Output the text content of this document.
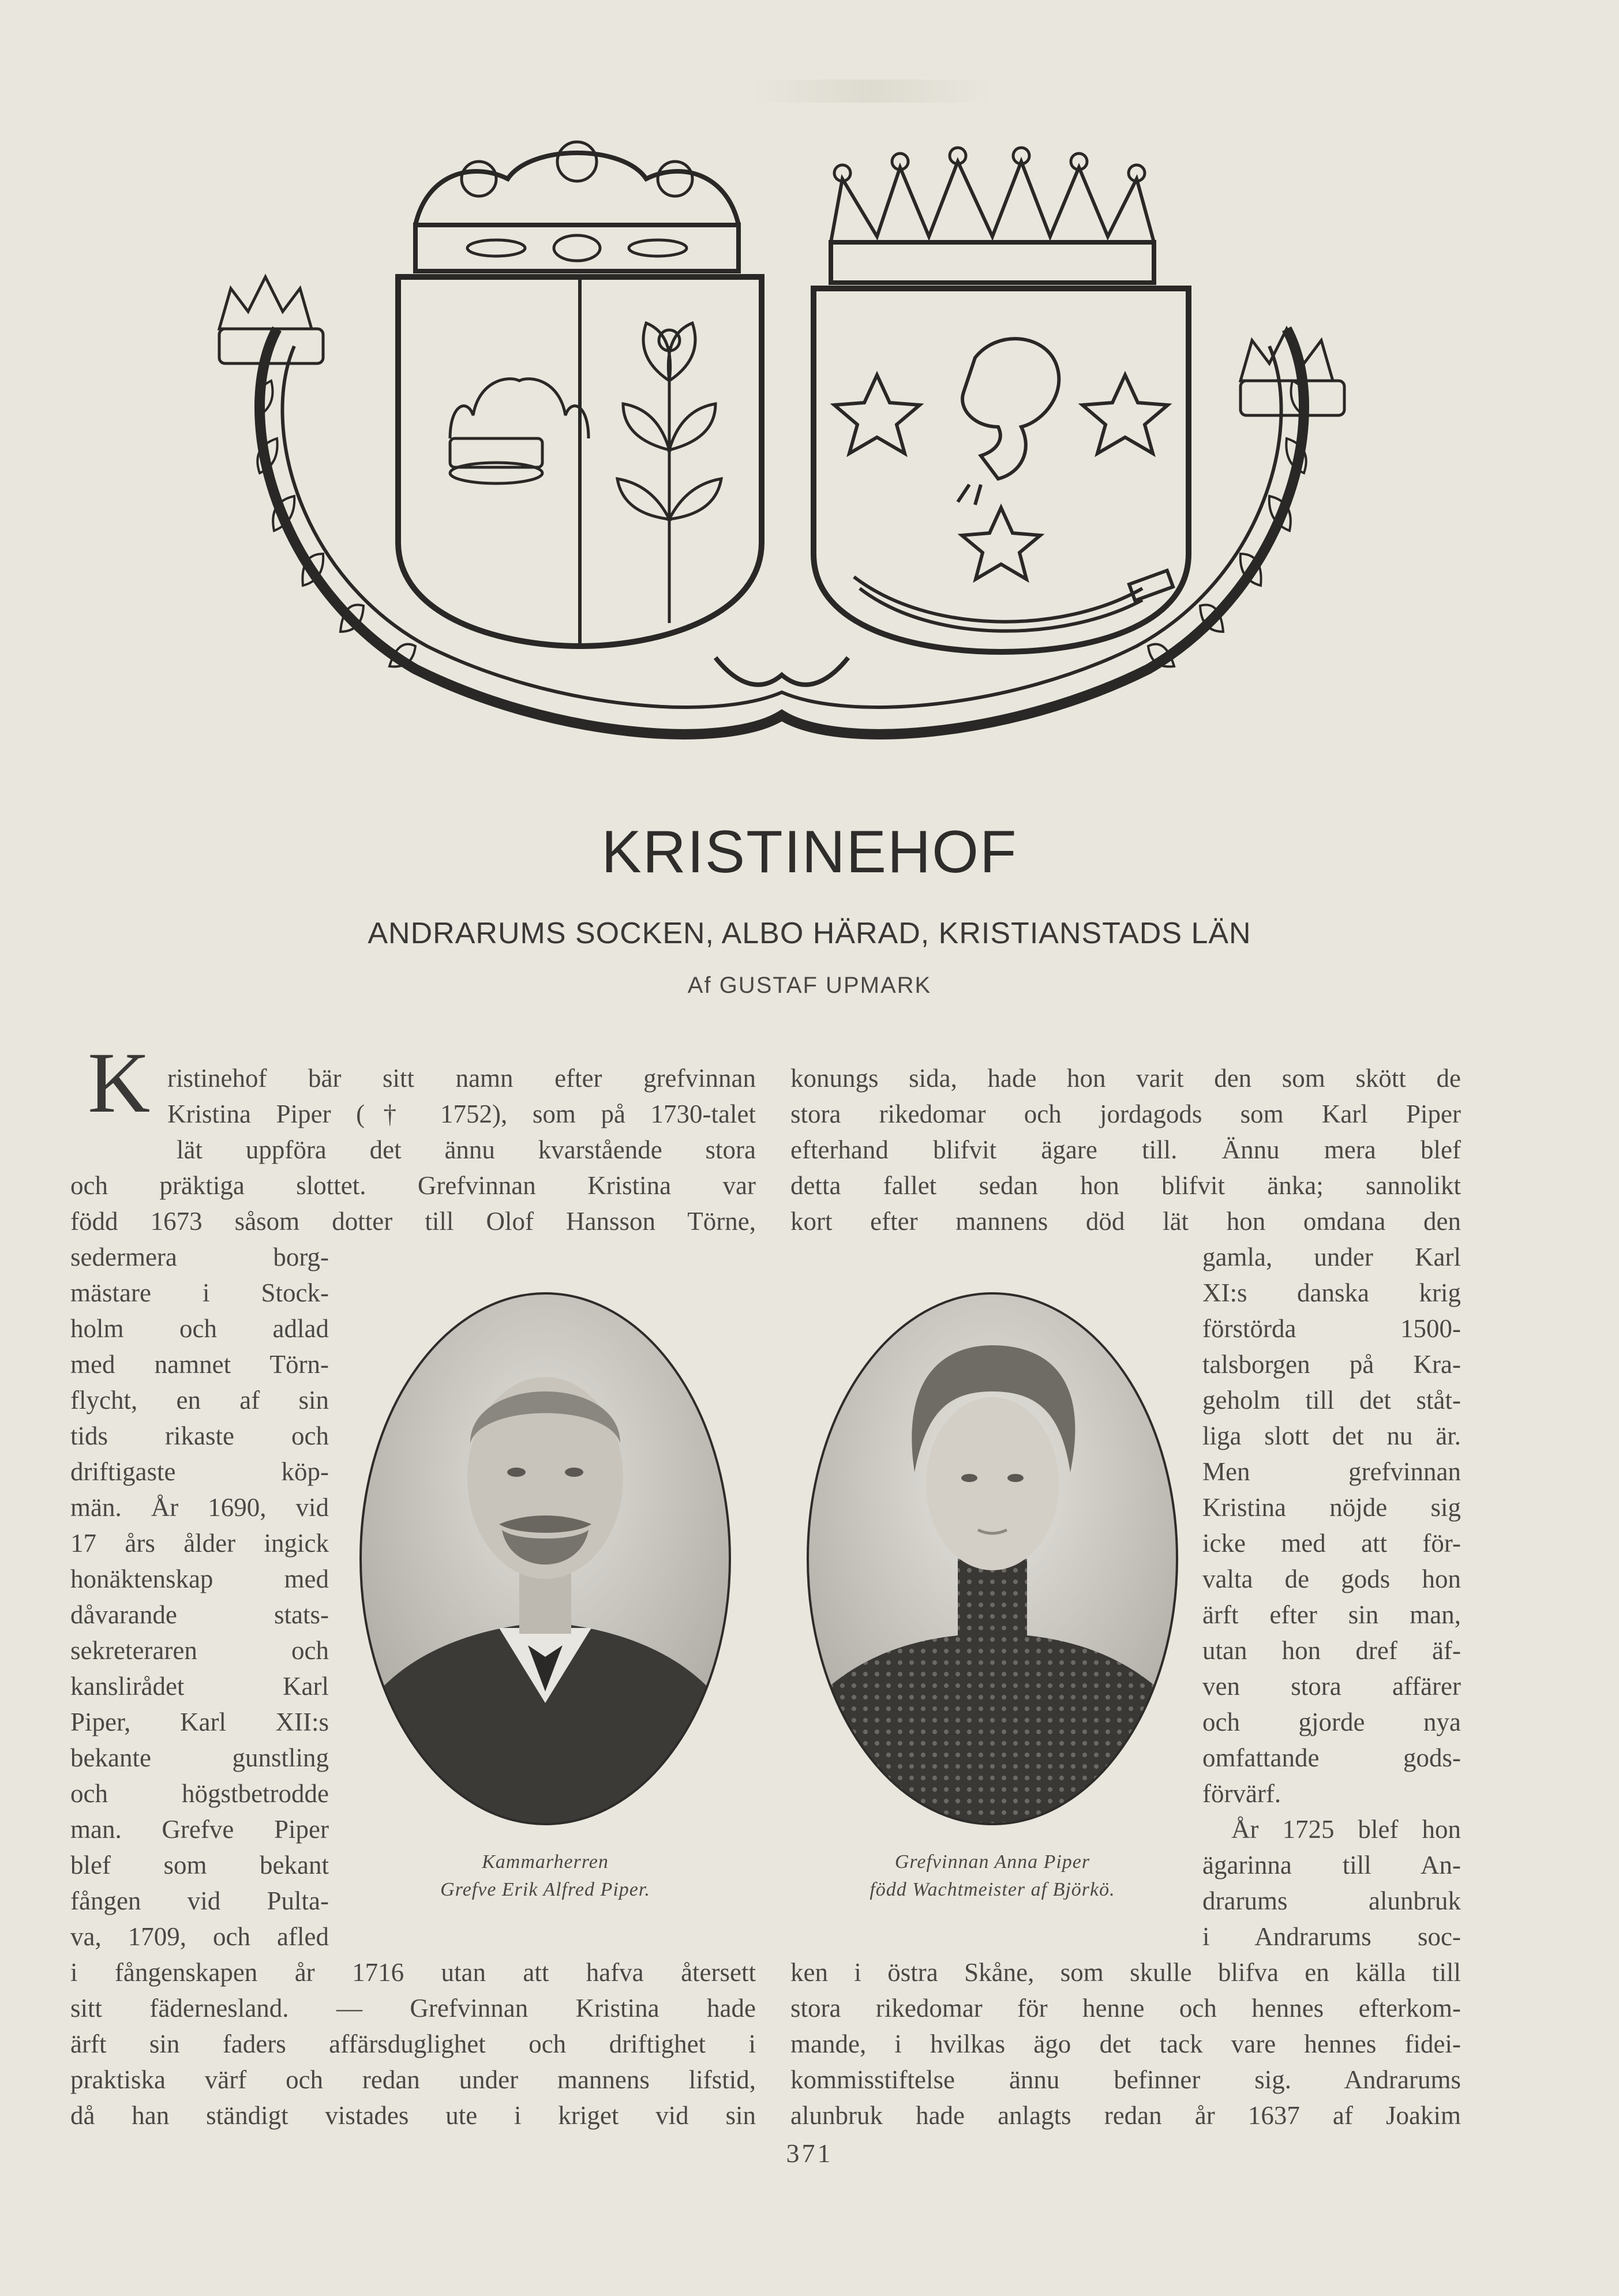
KRISTINEHOF
ANDRARUMS SOCKEN, ALBO HÄRAD, KRISTIANSTADS LÄN
Af GUSTAF UPMARK
K ristinehof bär sitt namn efter grefvinnan
Kristina Piper († 1752), som på 1730-talet
lät uppföra det ännu kvarstående stora
och präktiga slottet. Grefvinnan Kristina var
född 1673 såsom dotter till Olof Hansson Törne,
sedermera borg-
mästare i Stock-
holm och adlad
med namnet Törn-
flycht, en af sin
tids rikaste och
driftigaste köp-
män. År 1690, vid
17 års ålder ingick
honäktenskap med
dåvarande stats-
sekreteraren och
kanslirådet Karl
Piper, Karl XII:s
bekante gunstling
och högstbetrodde
man. Grefve Piper
blef som bekant
fången vid Pulta-
va, 1709, och afled
i fångenskapen år 1716 utan att hafva återsett
sitt fädernesland. — Grefvinnan Kristina hade
ärft sin faders affärsduglighet och driftighet i
praktiska värf och redan under mannens lifstid,
då han ständigt vistades ute i kriget vid sin
konungs sida, hade hon varit den som skött de
stora rikedomar och jordagods som Karl Piper
efterhand blifvit ägare till. Ännu mera blef
detta fallet sedan hon blifvit änka; sannolikt
kort efter mannens död lät hon omdana den
gamla, under Karl
XI:s danska krig
förstörda 1500-
talsborgen på Kra-
geholm till det ståt-
liga slott det nu är.
Men grefvinnan
Kristina nöjde sig
icke med att för-
valta de gods hon
ärft efter sin man,
utan hon dref äf-
ven stora affärer
och gjorde nya
omfattande gods-
förvärf.
År 1725 blef hon
ägarinna till An-
drarums alunbruk
i Andrarums soc-
ken i östra Skåne, som skulle blifva en källa till
stora rikedomar för henne och hennes efterkom-
mande, i hvilkas ägo det tack vare hennes fidei-
kommisstiftelse ännu befinner sig. Andrarums
alunbruk hade anlagts redan år 1637 af Joakim
Kammarherren
Grefve Erik Alfred Piper.
Grefvinnan Anna Piper
född Wachtmeister af Björkö.
371
